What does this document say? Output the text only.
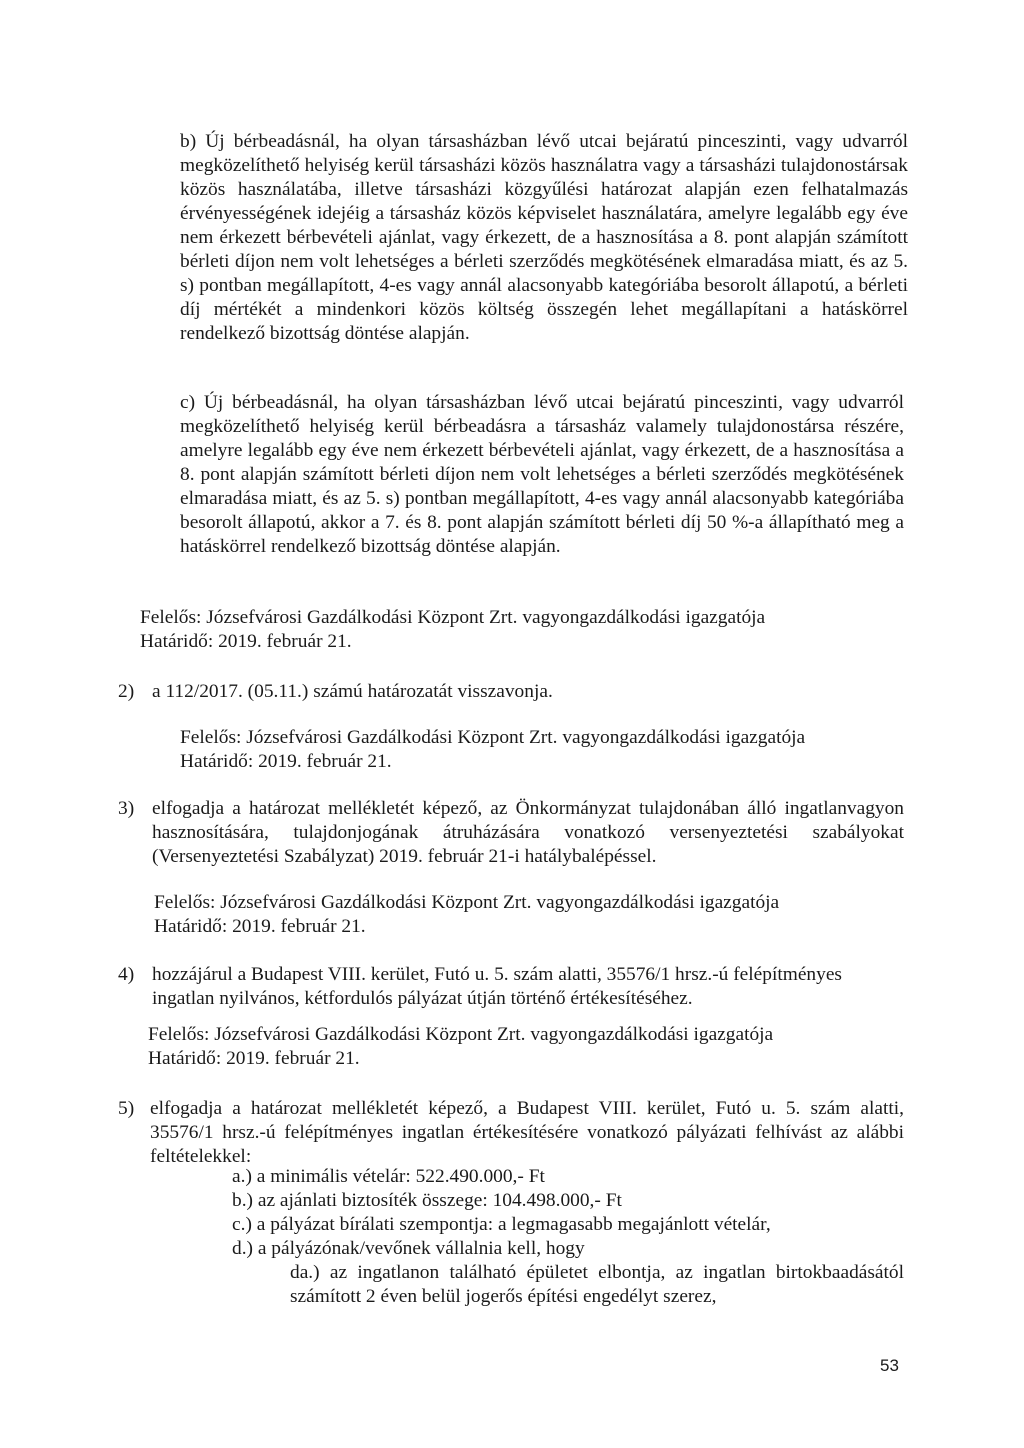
b) Új bérbeadásnál, ha olyan társasházban lévő utcai bejáratú pinceszinti, vagy udvarról megközelíthető helyiség kerül társasházi közös használatra vagy a társasházi tulajdonostársak közös használatába, illetve társasházi közgyűlési határozat alapján ezen felhatalmazás érvényességének idejéig a társasház közös képviselet használatára, amelyre legalább egy éve nem érkezett bérbevételi ajánlat, vagy érkezett, de a hasznosítása a 8. pont alapján számított bérleti díjon nem volt lehetséges a bérleti szerződés megkötésének elmaradása miatt, és az 5. s) pontban megállapított, 4-es vagy annál alacsonyabb kategóriába besorolt állapotú, a bérleti díj mértékét a mindenkori közös költség összegén lehet megállapítani a hatáskörrel rendelkező bizottság döntése alapján.

c) Új bérbeadásnál, ha olyan társasházban lévő utcai bejáratú pinceszinti, vagy udvarról megközelíthető helyiség kerül bérbeadásra a társasház valamely tulajdonostársa részére, amelyre legalább egy éve nem érkezett bérbevételi ajánlat, vagy érkezett, de a hasznosítása a 8. pont alapján számított bérleti díjon nem volt lehetséges a bérleti szerződés megkötésének elmaradása miatt, és az 5. s) pontban megállapított, 4-es vagy annál alacsonyabb kategóriába besorolt állapotú, akkor a 7. és 8. pont alapján számított bérleti díj 50 %-a állapítható meg a hatáskörrel rendelkező bizottság döntése alapján.

Felelős: Józsefvárosi Gazdálkodási Központ Zrt. vagyongazdálkodási igazgatója

Határidő: 2019. február 21.

2) a 112/2017. (05.11.) számú határozatát visszavonja.

Felelős: Józsefvárosi Gazdálkodási Központ Zrt. vagyongazdálkodási igazgatója

Határidő: 2019. február 21.

3) elfogadja a határozat mellékletét képező, az Önkormányzat tulajdonában álló ingatlanvagyon hasznosítására, tulajdonjogának átruházására vonatkozó versenyeztetési szabályokat (Versenyeztetési Szabályzat) 2019. február 21-i hatálybalépéssel.

Felelős: Józsefvárosi Gazdálkodási Központ Zrt. vagyongazdálkodási igazgatója

Határidő: 2019. február 21.

4) hozzájárul a Budapest VIII. kerület, Futó u. 5. szám alatti, 35576/1 hrsz.-ú felépítményes

ingatlan nyilvános, kétfordulós pályázat útján történő értékesítéséhez.

Felelős: Józsefvárosi Gazdálkodási Központ Zrt. vagyongazdálkodási igazgatója

Határidő: 2019. február 21.

5) elfogadja a határozat mellékletét képező, a Budapest VIII. kerület, Futó u. 5. szám alatti, 35576/1 hrsz.-ú felépítményes ingatlan értékesítésére vonatkozó pályázati felhívást az alábbi feltételekkel:

a.) a minimális vételár: 522.490.000,- Ft
b.) az ajánlati biztosíték összege: 104.498.000,- Ft
c.) a pályázat bírálati szempontja: a legmagasabb megajánlott vételár,
d.) a pályázónak/vevőnek vállalnia kell, hogy

da.) az ingatlanon található épületet elbontja, az ingatlan birtokbaadásától számított 2 éven belül jogerős építési engedélyt szerez,

53
